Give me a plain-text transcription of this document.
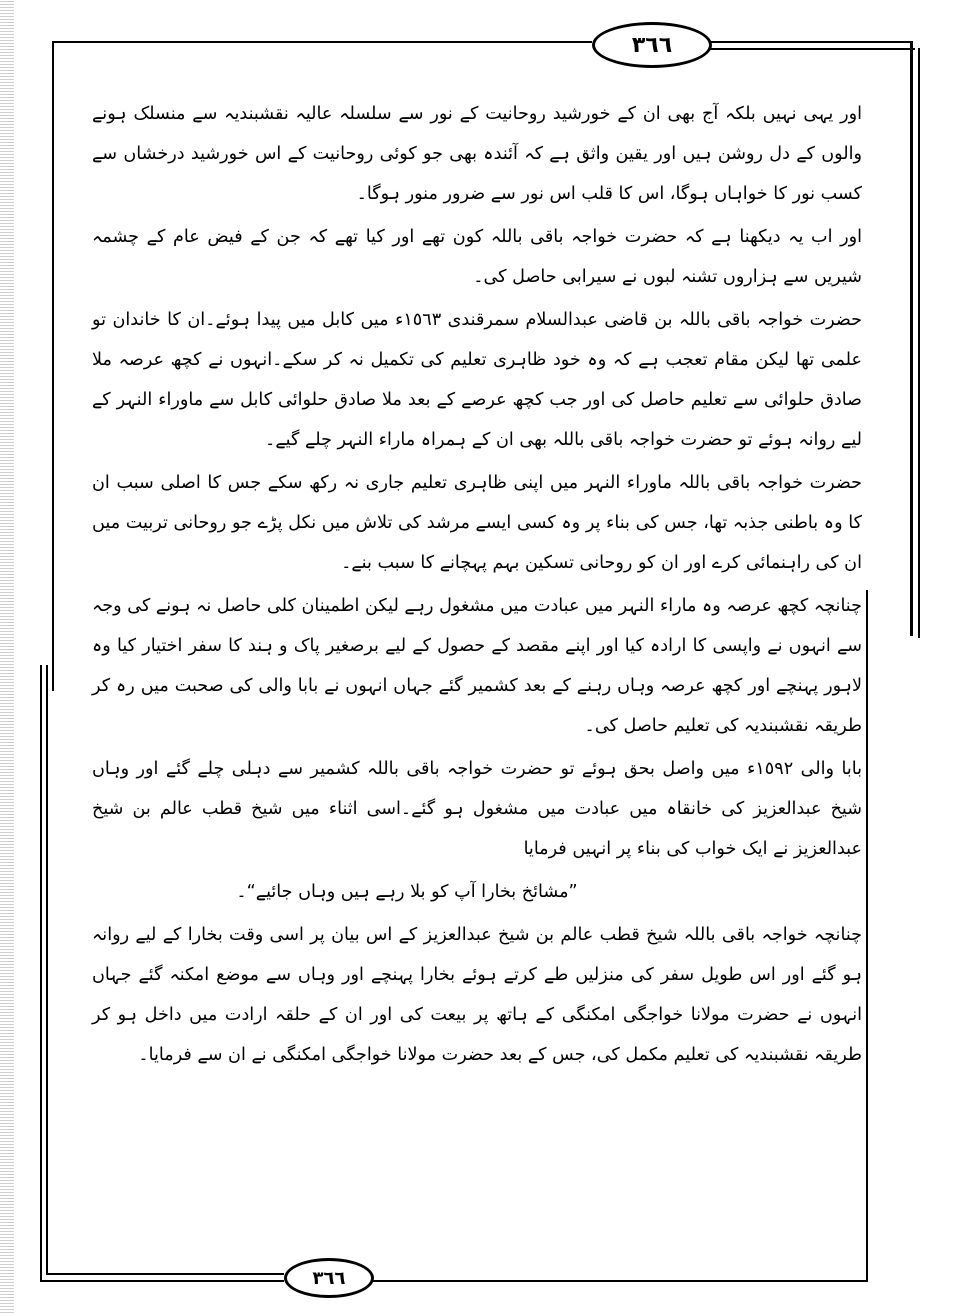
٣٦٦
٣٦٦

اور یہی نہیں بلکہ آج بھی ان کے خورشید روحانیت کے نور سے سلسلہ عالیہ نقشبندیہ سے منسلک ہونے والوں کے دل روشن ہیں اور یقین واثق ہے کہ آئندہ بھی جو کوئی روحانیت کے اس خورشید درخشاں سے کسب نور کا خواہاں ہوگا، اس کا قلب اس نور سے ضرور منور ہوگا۔

اور اب یہ دیکھنا ہے کہ حضرت خواجہ باقی باللہ کون تھے اور کیا تھے کہ جن کے فیض عام کے چشمہ شیریں سے ہزاروں تشنہ لبوں نے سیرابی حاصل کی۔

حضرت خواجہ باقی باللہ بن قاضی عبدالسلام سمرقندی ١٥٦٣ء میں کابل میں پیدا ہوئے۔ان کا خاندان تو علمی تھا لیکن مقام تعجب ہے کہ وہ خود ظاہری تعلیم کی تکمیل نہ کر سکے۔انہوں نے کچھ عرصہ ملا صادق حلوائی سے تعلیم حاصل کی اور جب کچھ عرصے کے بعد ملا صادق حلوائی کابل سے ماوراء النہر کے لیے روانہ ہوئے تو حضرت خواجہ باقی باللہ بھی ان کے ہمراہ ماراء النہر چلے گیے۔

حضرت خواجہ باقی باللہ ماوراء النہر میں اپنی ظاہری تعلیم جاری نہ رکھ سکے جس کا اصلی سبب ان کا وہ باطنی جذبہ تھا، جس کی بناء پر وہ کسی ایسے مرشد کی تلاش میں نکل پڑے جو روحانی تربیت میں ان کی راہنمائی کرے اور ان کو روحانی تسکین بہم پہچانے کا سبب بنے۔

چنانچہ کچھ عرصہ وہ ماراء النہر میں عبادت میں مشغول رہے لیکن اطمینان کلی حاصل نہ ہونے کی وجہ سے انہوں نے واپسی کا ارادہ کیا اور اپنے مقصد کے حصول کے لیے برصغیر پاک و ہند کا سفر اختیار کیا وہ لاہور پہنچے اور کچھ عرصہ وہاں رہنے کے بعد کشمیر گئے جہاں انہوں نے بابا والی کی صحبت میں رہ کر طریقہ نقشبندیہ کی تعلیم حاصل کی۔

بابا والی ١٥٩٢ء میں واصل بحق ہوئے تو حضرت خواجہ باقی باللہ کشمیر سے دہلی چلے گئے اور وہاں شیخ عبدالعزیز کی خانقاہ میں عبادت میں مشغول ہو گئے۔اسی اثناء میں شیخ قطب عالم بن شیخ عبدالعزیز نے ایک خواب کی بناء پر انہیں فرمایا

”مشائخ بخارا آپ کو بلا رہے ہیں وہاں جائیے“۔

چنانچہ خواجہ باقی باللہ شیخ قطب عالم بن شیخ عبدالعزیز کے اس بیان پر اسی وقت بخارا کے لیے روانہ ہو گئے اور اس طویل سفر کی منزلیں طے کرتے ہوئے بخارا پہنچے اور وہاں سے موضع امکنہ گئے جہاں انہوں نے حضرت مولانا خواجگی امکنگی کے ہاتھ پر بیعت کی اور ان کے حلقہ ارادت میں داخل ہو کر طریقہ نقشبندیہ کی تعلیم مکمل کی، جس کے بعد حضرت مولانا خواجگی امکنگی نے ان سے فرمایا۔
